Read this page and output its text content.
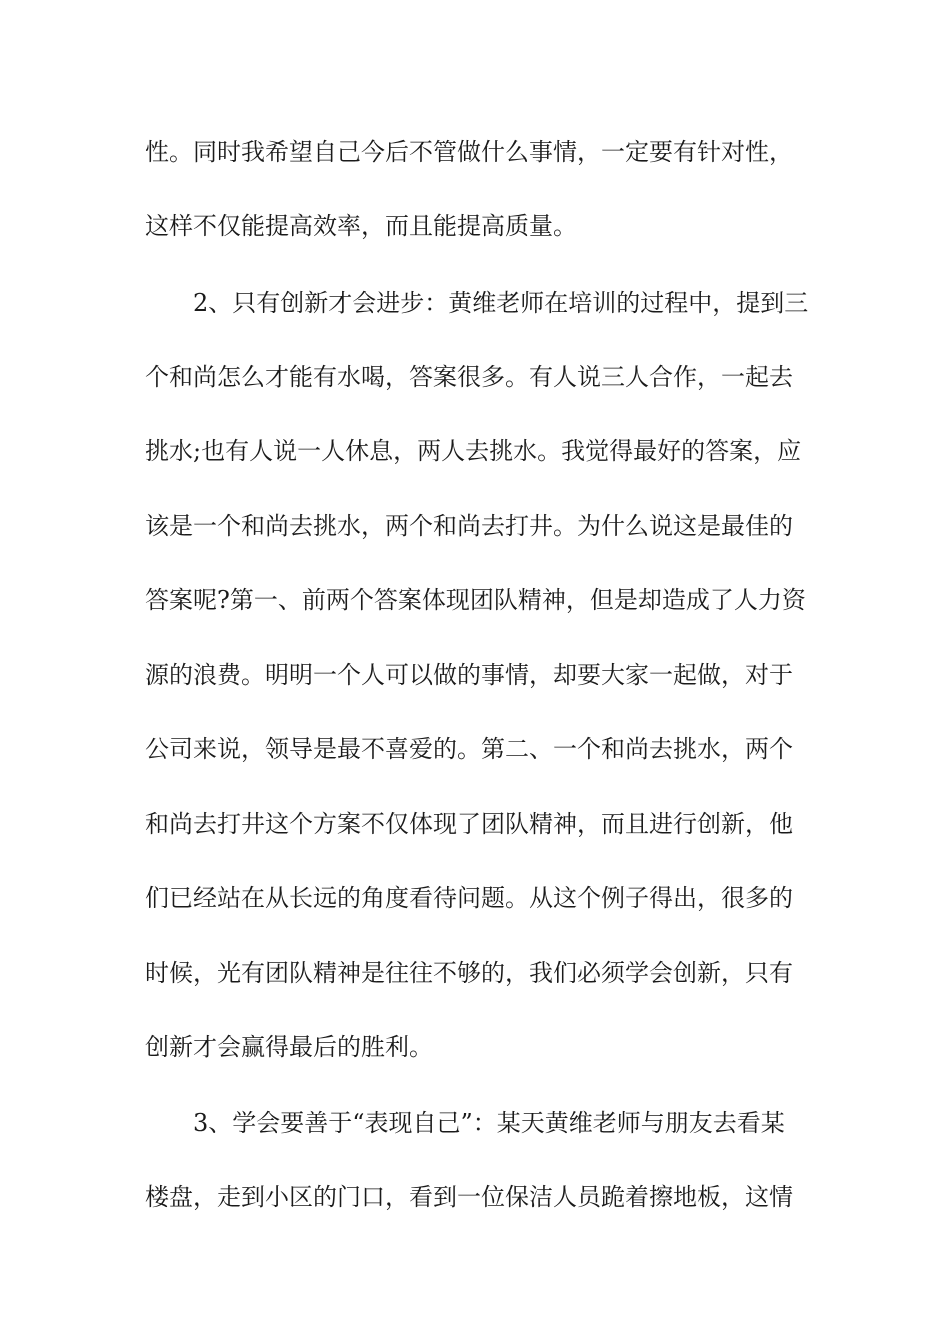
性。同时我希望自己今后不管做什么事情，一定要有针对性，
这样不仅能提高效率，而且能提高质量。
2、只有创新才会进步：黄维老师在培训的过程中，提到三
个和尚怎么才能有水喝，答案很多。有人说三人合作，一起去
挑水;也有人说一人休息，两人去挑水。我觉得最好的答案，应
该是一个和尚去挑水，两个和尚去打井。为什么说这是最佳的
答案呢?第一、前两个答案体现团队精神，但是却造成了人力资
源的浪费。明明一个人可以做的事情，却要大家一起做，对于
公司来说，领导是最不喜爱的。第二、一个和尚去挑水，两个
和尚去打井这个方案不仅体现了团队精神，而且进行创新，他
们已经站在从长远的角度看待问题。从这个例子得出，很多的
时候，光有团队精神是往往不够的，我们必须学会创新，只有
创新才会赢得最后的胜利。
3、学会要善于“表现自己”：某天黄维老师与朋友去看某
楼盘，走到小区的门口，看到一位保洁人员跪着擦地板，这情
